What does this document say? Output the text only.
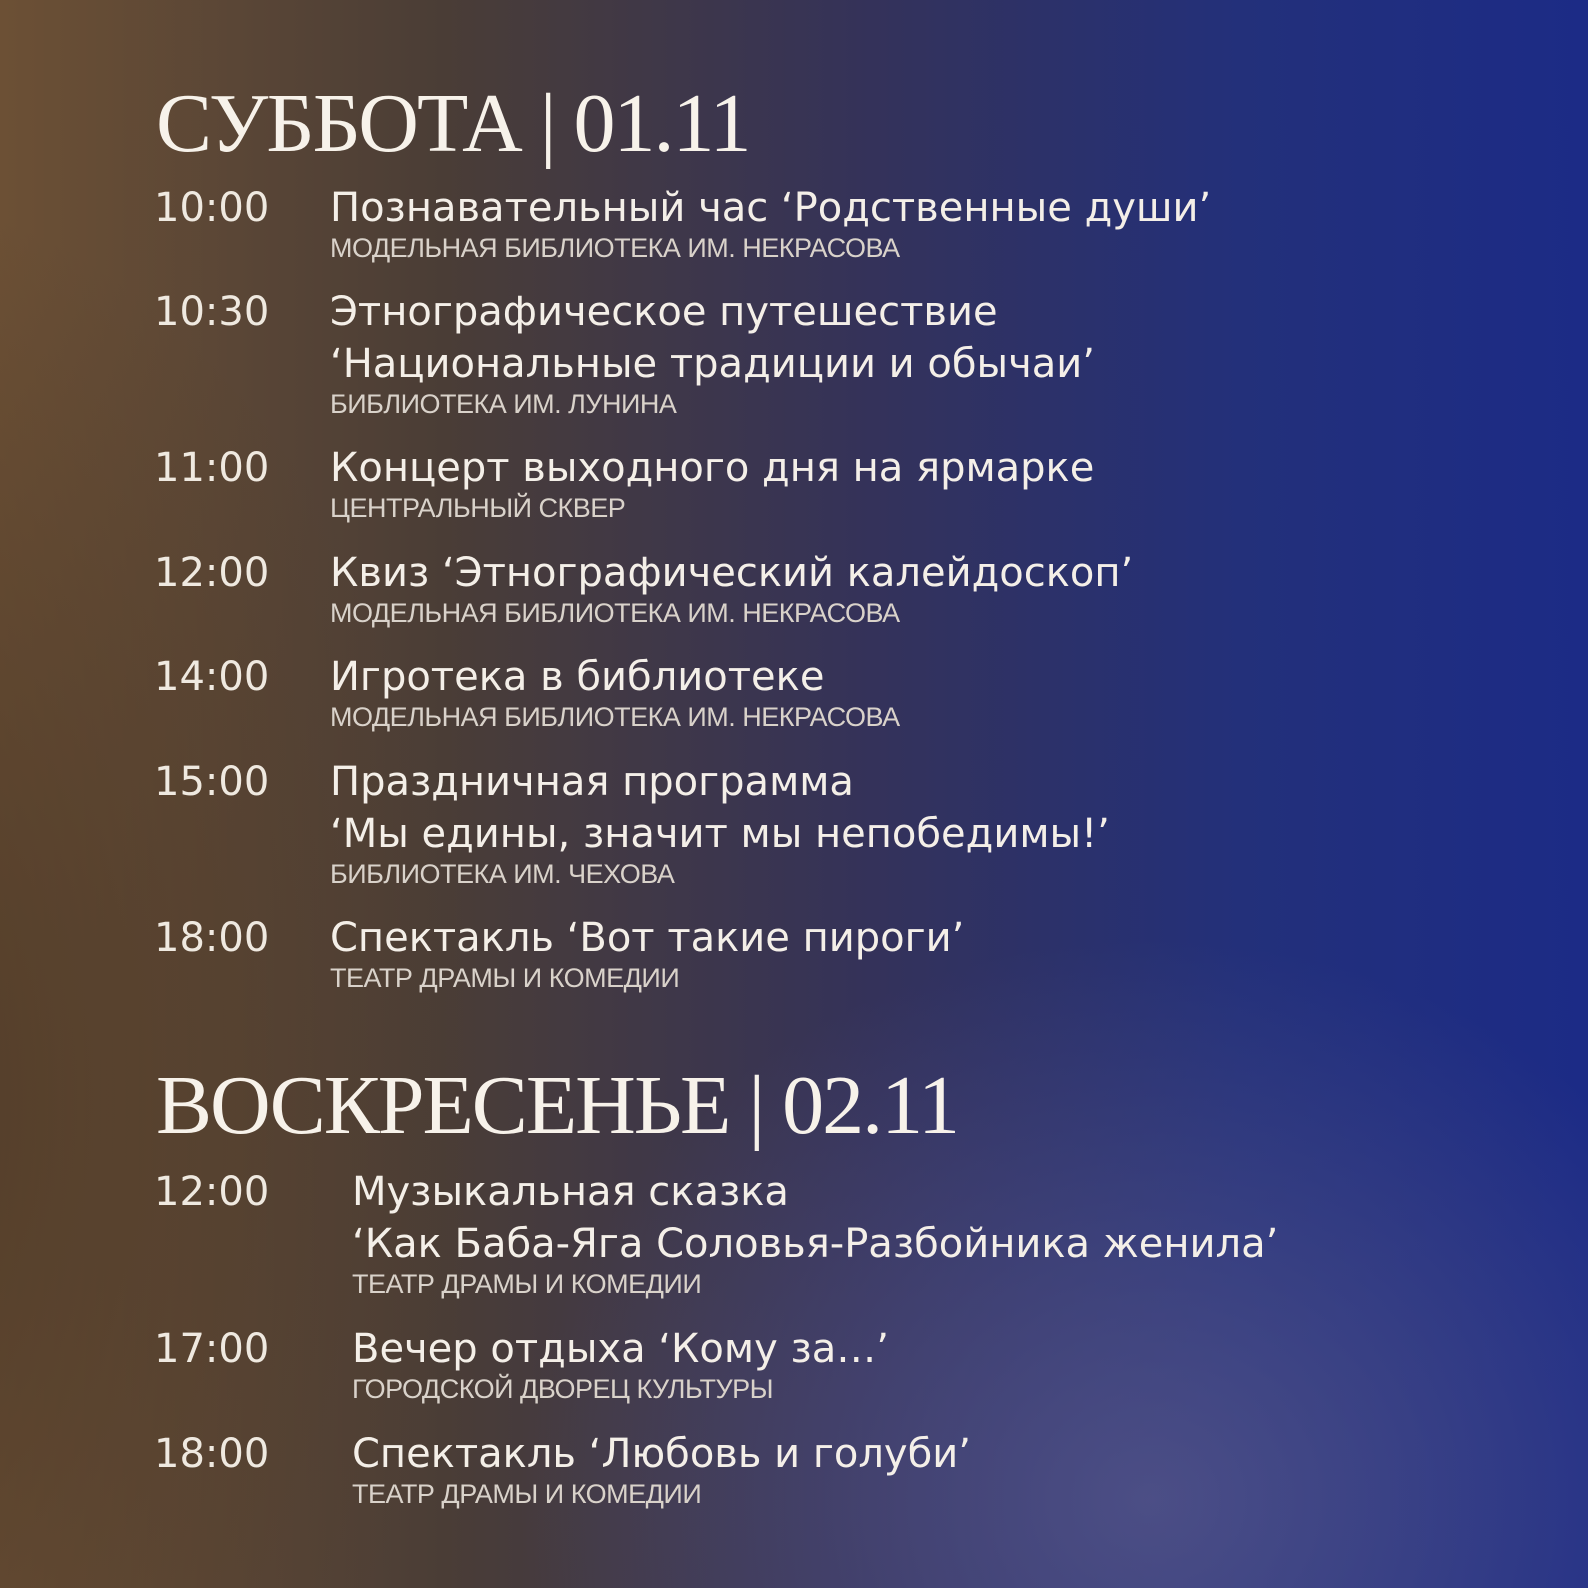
СУББОТА | 01.11
10:00 Познавательный час ‘Родственные души’
МОДЕЛЬНАЯ БИБЛИОТЕКА ИМ. НЕКРАСОВА
10:30 Этнографическое путешествие
‘Национальные традиции и обычаи’
БИБЛИОТЕКА ИМ. ЛУНИНА
11:00 Концерт выходного дня на ярмарке
ЦЕНТРАЛЬНЫЙ СКВЕР
12:00 Квиз ‘Этнографический калейдоскоп’
МОДЕЛЬНАЯ БИБЛИОТЕКА ИМ. НЕКРАСОВА
14:00 Игротека в библиотеке
МОДЕЛЬНАЯ БИБЛИОТЕКА ИМ. НЕКРАСОВА
15:00 Праздничная программа
‘Мы едины, значит мы непобедимы!’
БИБЛИОТЕКА ИМ. ЧЕХОВА
18:00 Спектакль ‘Вот такие пироги’
ТЕАТР ДРАМЫ И КОМЕДИИ
ВОСКРЕСЕНЬЕ | 02.11
12:00 Музыкальная сказка
‘Как Баба-Яга Соловья-Разбойника женила’
ТЕАТР ДРАМЫ И КОМЕДИИ
17:00 Вечер отдыха ‘Кому за…’
ГОРОДСКОЙ ДВОРЕЦ КУЛЬТУРЫ
18:00 Спектакль ‘Любовь и голуби’
ТЕАТР ДРАМЫ И КОМЕДИИ
